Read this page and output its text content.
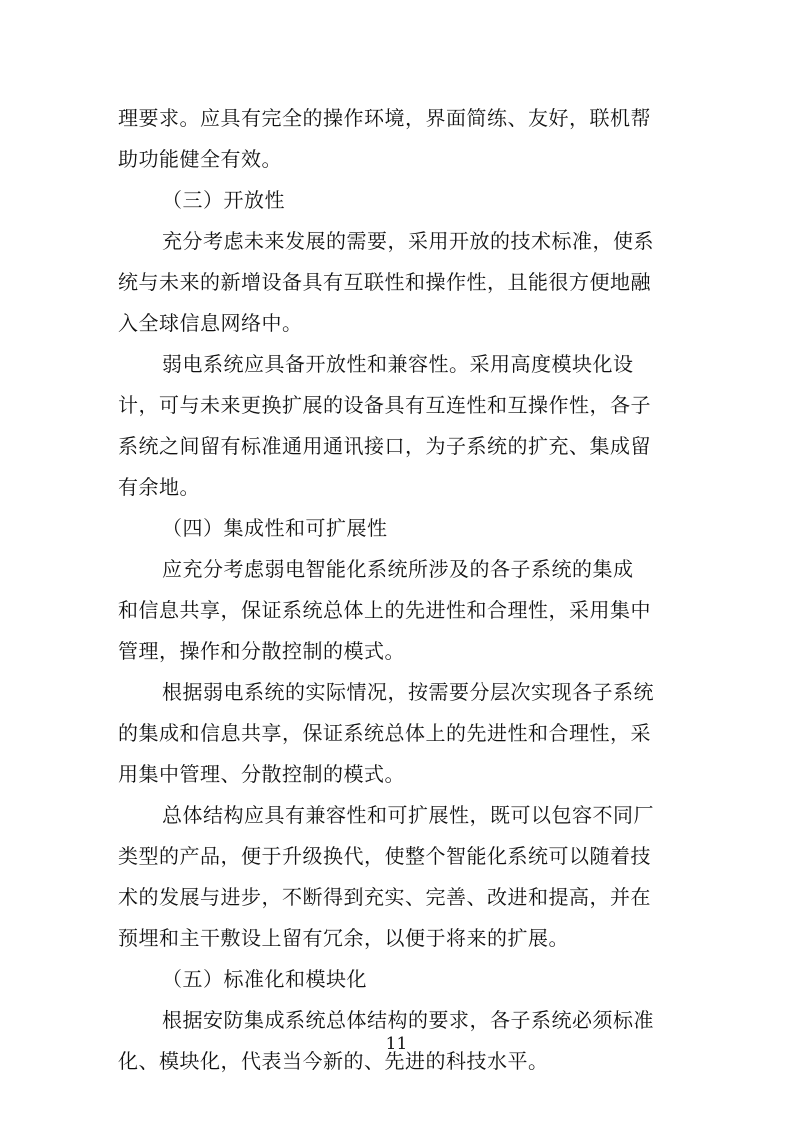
理要求。应具有完全的操作环境，界面简练、友好，联机帮
助功能健全有效。
（三）开放性
充分考虑未来发展的需要，采用开放的技术标准，使系
统与未来的新增设备具有互联性和操作性，且能很方便地融
入全球信息网络中。
弱电系统应具备开放性和兼容性。采用高度模块化设
计，可与未来更换扩展的设备具有互连性和互操作性，各子
系统之间留有标准通用通讯接口，为子系统的扩充、集成留
有余地。
（四）集成性和可扩展性
应充分考虑弱电智能化系统所涉及的各子系统的集成
和信息共享，保证系统总体上的先进性和合理性，采用集中
管理，操作和分散控制的模式。
根据弱电系统的实际情况，按需要分层次实现各子系统
的集成和信息共享，保证系统总体上的先进性和合理性，采
用集中管理、分散控制的模式。
总体结构应具有兼容性和可扩展性，既可以包容不同厂
类型的产品，便于升级换代，使整个智能化系统可以随着技
术的发展与进步，不断得到充实、完善、改进和提高，并在
预埋和主干敷设上留有冗余，以便于将来的扩展。
（五）标准化和模块化
根据安防集成系统总体结构的要求，各子系统必须标准
化、模块化，代表当今新的、先进的科技水平。
11
